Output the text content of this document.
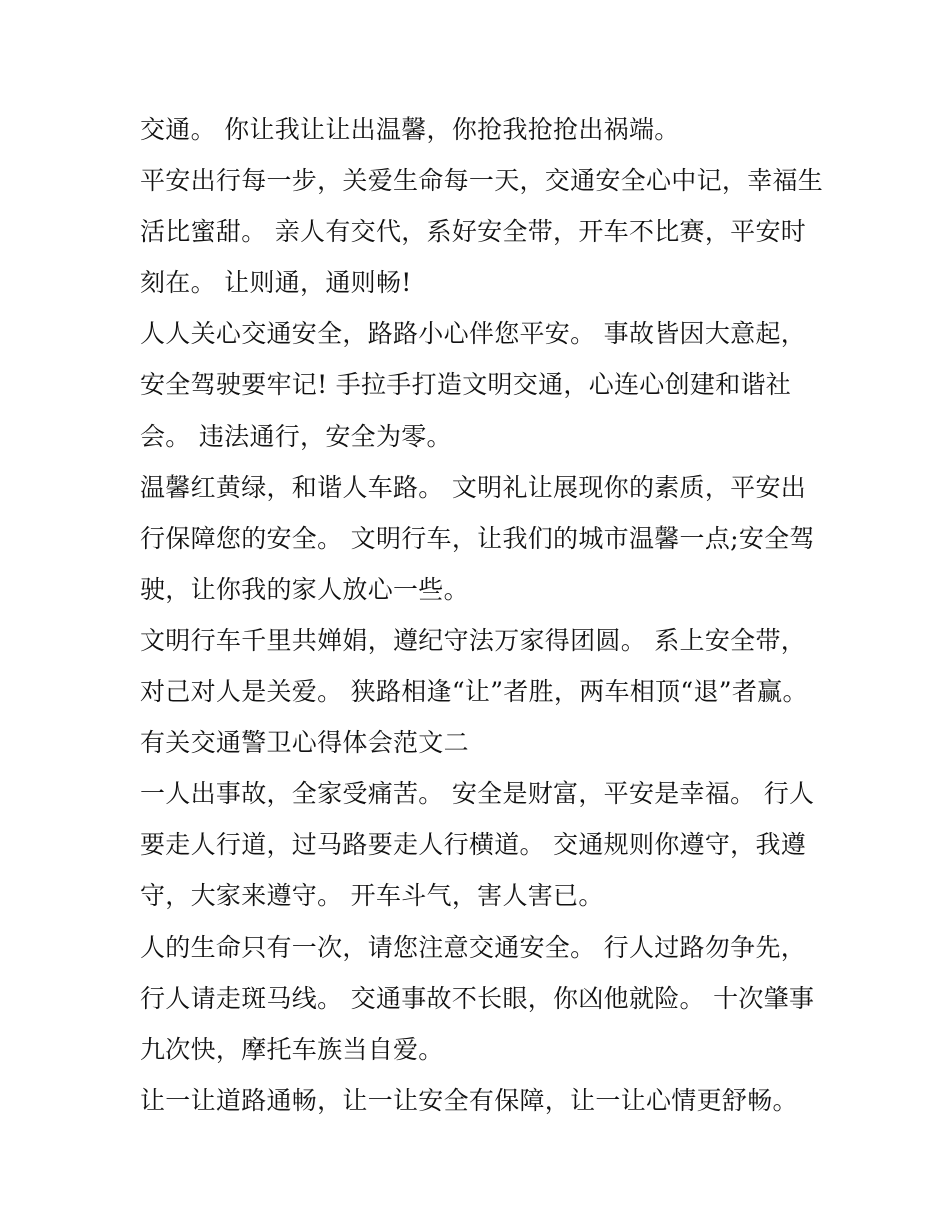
交通。 你让我让让出温馨，你抢我抢抢出祸端。
平安出行每一步，关爱生命每一天，交通安全心中记，幸福生
活比蜜甜。 亲人有交代，系好安全带，开车不比赛，平安时
刻在。 让则通，通则畅!
人人关心交通安全，路路小心伴您平安。 事故皆因大意起，
安全驾驶要牢记! 手拉手打造文明交通，心连心创建和谐社
会。 违法通行，安全为零。
温馨红黄绿，和谐人车路。 文明礼让展现你的素质，平安出
行保障您的安全。 文明行车，让我们的城市温馨一点;安全驾
驶，让你我的家人放心一些。
文明行车千里共婵娟，遵纪守法万家得团圆。 系上安全带，
对己对人是关爱。 狭路相逢“让”者胜，两车相顶“退”者赢。
有关交通警卫心得体会范文二
一人出事故，全家受痛苦。 安全是财富，平安是幸福。 行人
要走人行道，过马路要走人行横道。 交通规则你遵守，我遵
守，大家来遵守。 开车斗气，害人害已。
人的生命只有一次，请您注意交通安全。 行人过路勿争先，
行人请走斑马线。 交通事故不长眼，你凶他就险。 十次肇事
九次快，摩托车族当自爱。
让一让道路通畅，让一让安全有保障，让一让心情更舒畅。
